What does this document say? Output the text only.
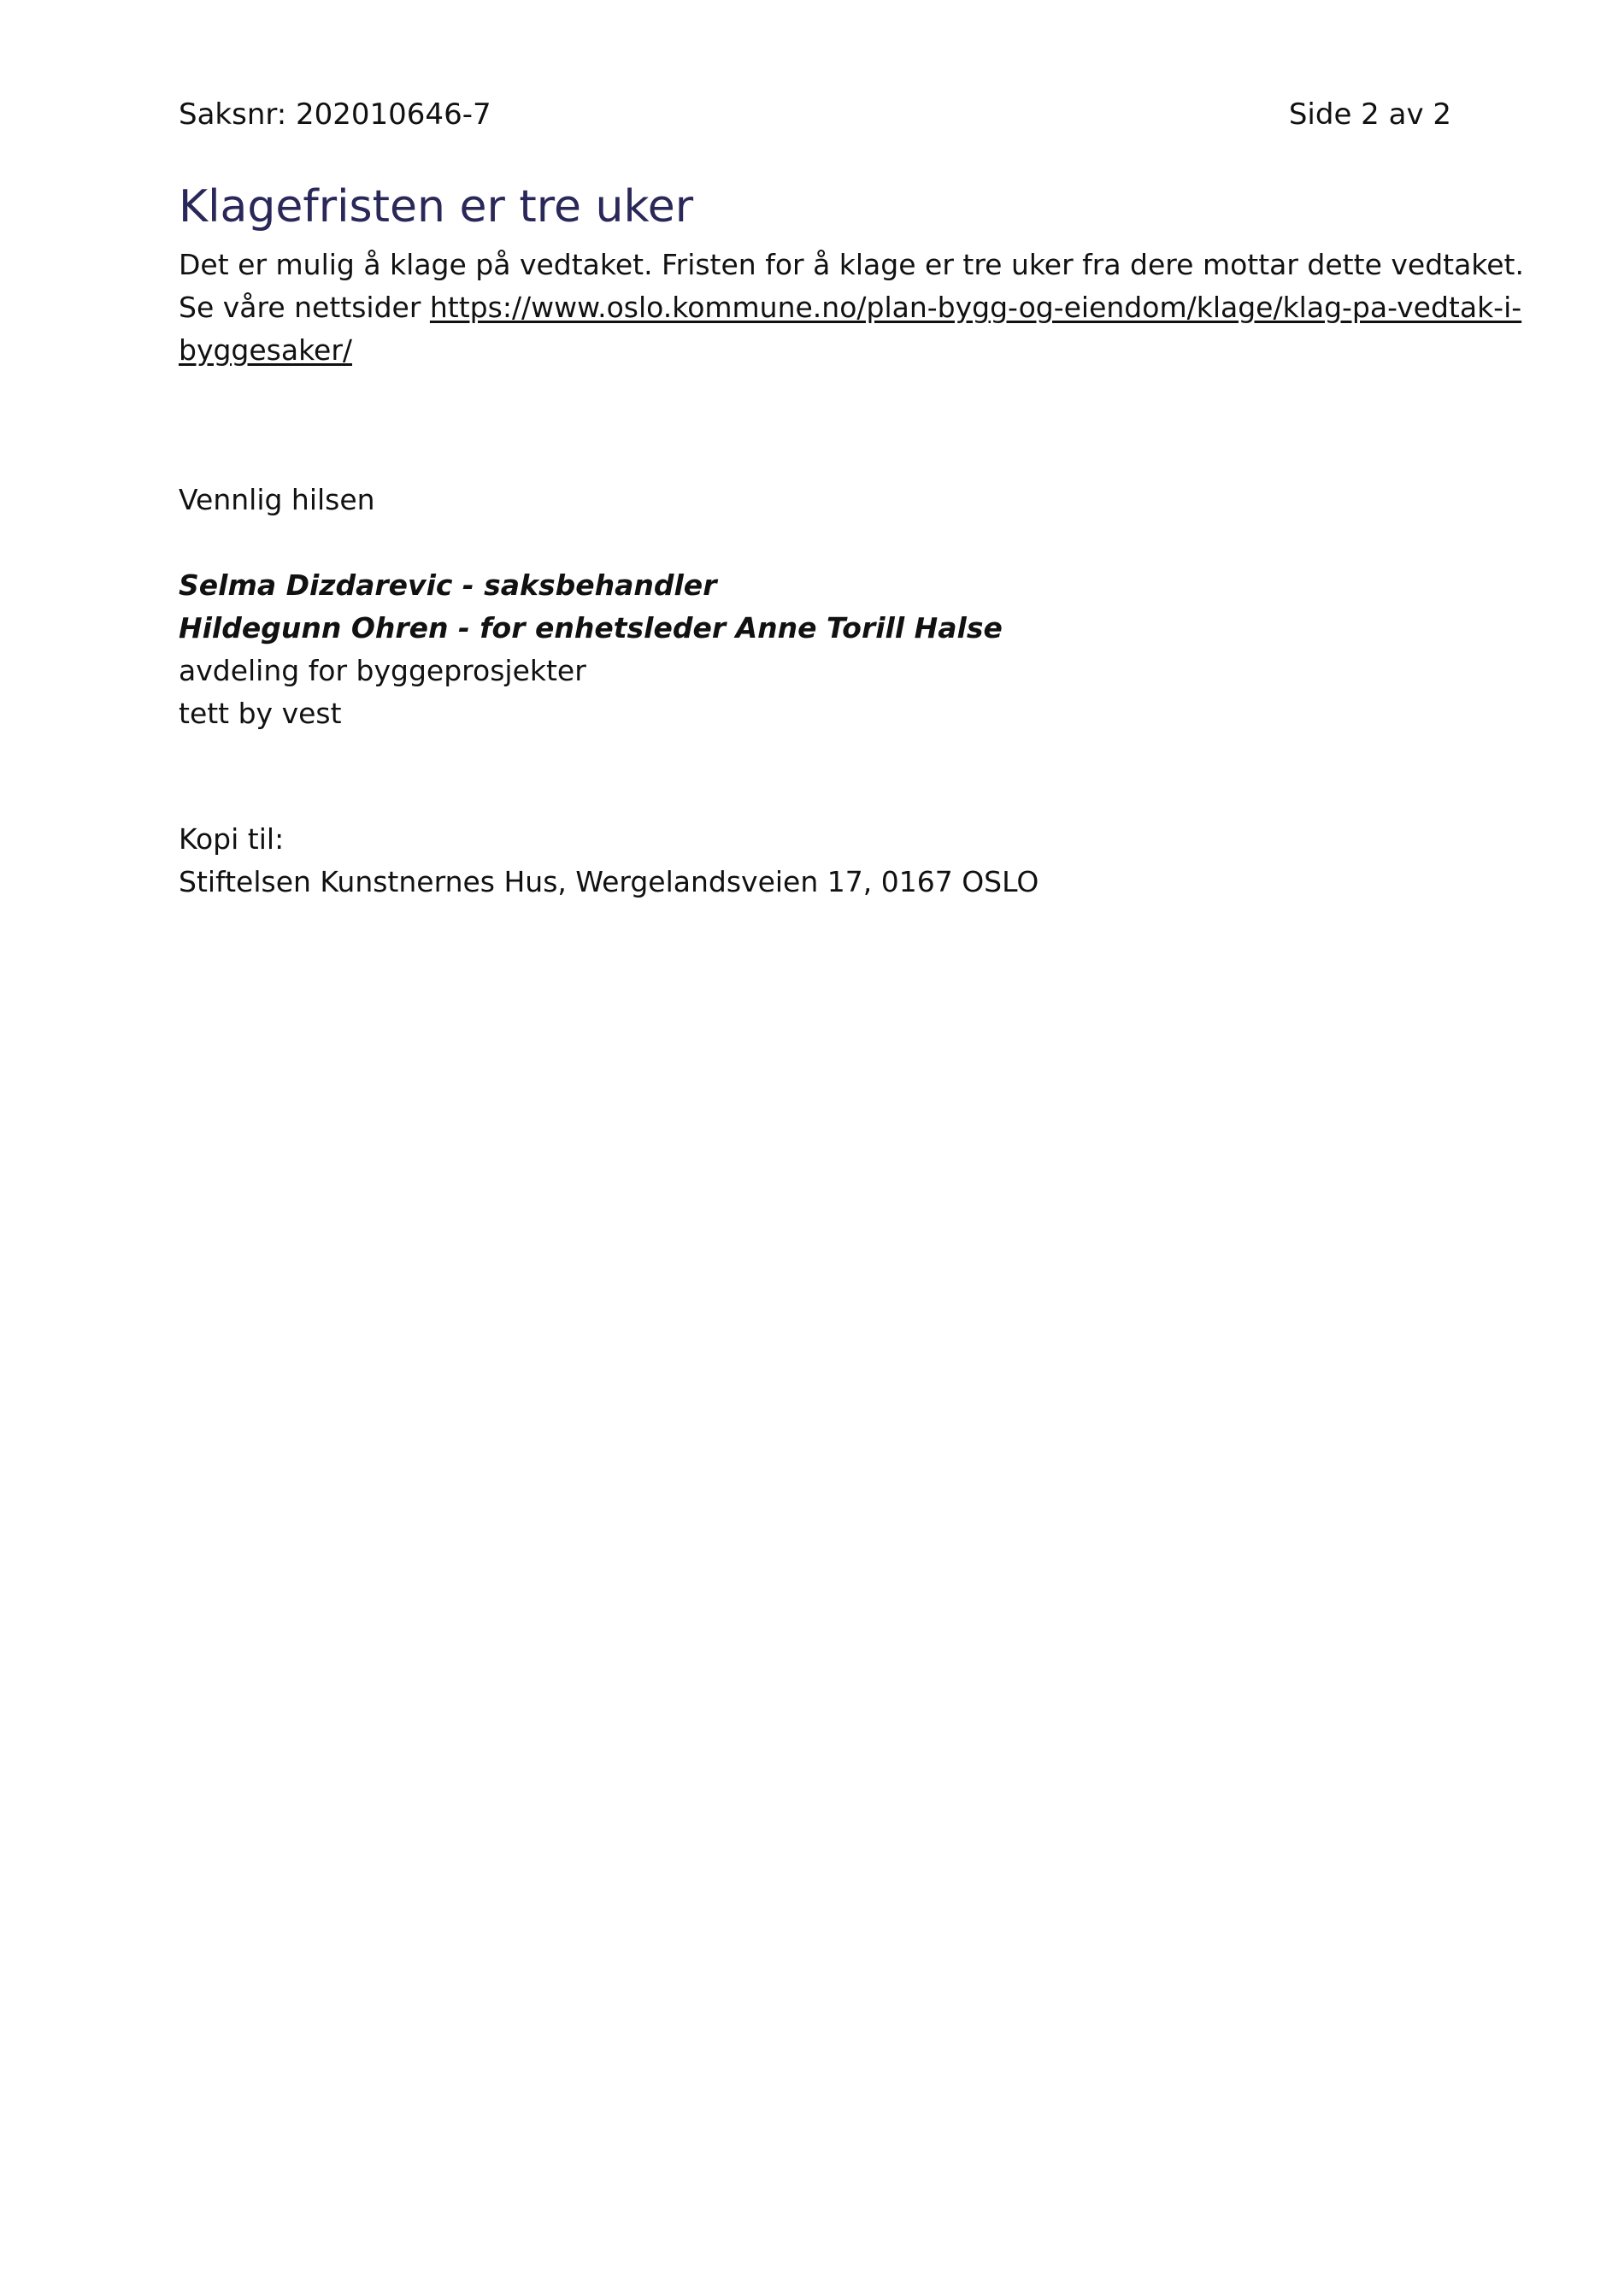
Saksnr: 202010646-7	Side 2 av 2
Klagefristen er tre uker
Det er mulig å klage på vedtaket. Fristen for å klage er tre uker fra dere mottar dette vedtaket.
Se våre nettsider https://www.oslo.kommune.no/plan-bygg-og-eiendom/klage/klag-pa-vedtak-i-
byggesaker/
Vennlig hilsen
Selma Dizdarevic - saksbehandler
Hildegunn Ohren - for enhetsleder Anne Torill Halse
avdeling for byggeprosjekter
tett by vest
Kopi til:
Stiftelsen Kunstnernes Hus, Wergelandsveien 17, 0167 OSLO
